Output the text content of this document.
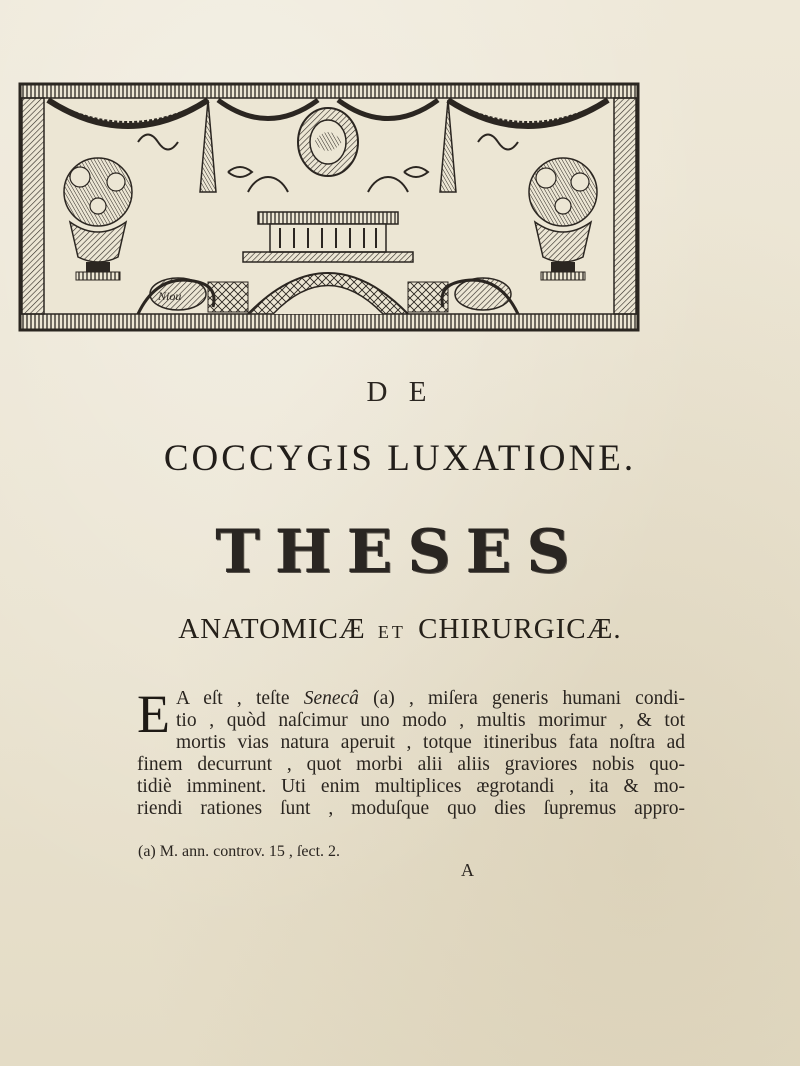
Niou
D E
COCCYGIS LUXATIONE.
THESES
ANATOMICÆ ET CHIRURGICÆ.
E A eſt , teſte Senecâ (a) , miſera generis humani condi-
tio , quòd naſcimur uno modo , multis morimur , & tot
mortis vias natura aperuit , totque itineribus fata noſtra ad
finem decurrunt , quot morbi alii aliis graviores nobis quo-
tidiè imminent. Uti enim multiplices ægrotandi , ita & mo-
riendi rationes ſunt , moduſque quo dies ſupremus appro-
(a) M. ann. controv. 15 , ſect. 2.
A
